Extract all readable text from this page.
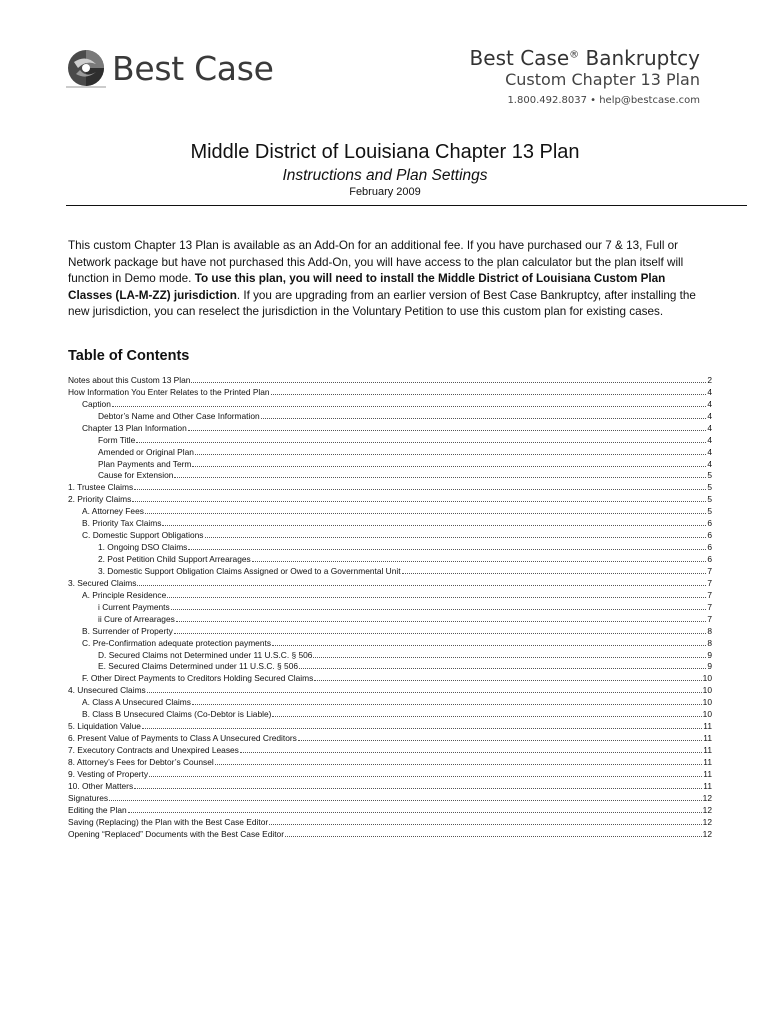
Best Case	Best Case® Bankruptcy
Custom Chapter 13 Plan
1.800.492.8037 • help@bestcase.com
Middle District of Louisiana Chapter 13 Plan
Instructions and Plan Settings
February 2009

This custom Chapter 13 Plan is available as an Add-On for an additional fee. If you have purchased our 7 & 13, Full or Network package but have not purchased this Add-On, you will have access to the plan calculator but the plan itself will function in Demo mode. To use this plan, you will need to install the Middle District of Louisiana Custom Plan Classes (LA-M-ZZ) jurisdiction. If you are upgrading from an earlier version of Best Case Bankruptcy, after installing the new jurisdiction, you can reselect the jurisdiction in the Voluntary Petition to use this custom plan for existing cases.

Table of Contents
Notes about this Custom 13 Plan	2
How Information You Enter Relates to the Printed Plan	4
Caption	4
Debtor’s Name and Other Case Information	4
Chapter 13 Plan Information	4
Form Title	4
Amended or Original Plan	4
Plan Payments and Term	4
Cause for Extension	5
1. Trustee Claims	5
2. Priority Claims	5
A. Attorney Fees	5
B. Priority Tax Claims	6
C. Domestic Support Obligations	6
1. Ongoing DSO Claims	6
2. Post Petition Child Support Arrearages	6
3. Domestic Support Obligation Claims Assigned or Owed to a Governmental Unit	7
3. Secured Claims	7
A. Principle Residence	7
i Current Payments	7
ii Cure of Arrearages	7
B. Surrender of Property	8
C. Pre-Confirmation adequate protection payments	8
D. Secured Claims not Determined under 11 U.S.C. § 506	9
E. Secured Claims Determined under 11 U.S.C. § 506	9
F. Other Direct Payments to Creditors Holding Secured Claims	10
4. Unsecured Claims	10
A. Class A Unsecured Claims	10
B. Class B Unsecured Claims (Co-Debtor is Liable)	10
5. Liquidation Value	11
6. Present Value of Payments to Class A Unsecured Creditors	11
7. Executory Contracts and Unexpired Leases	11
8. Attorney’s Fees for Debtor’s Counsel	11
9. Vesting of Property	11
10. Other Matters	11
Signatures	12
Editing the Plan	12
Saving (Replacing) the Plan with the Best Case Editor	12
Opening “Replaced” Documents with the Best Case Editor	12
